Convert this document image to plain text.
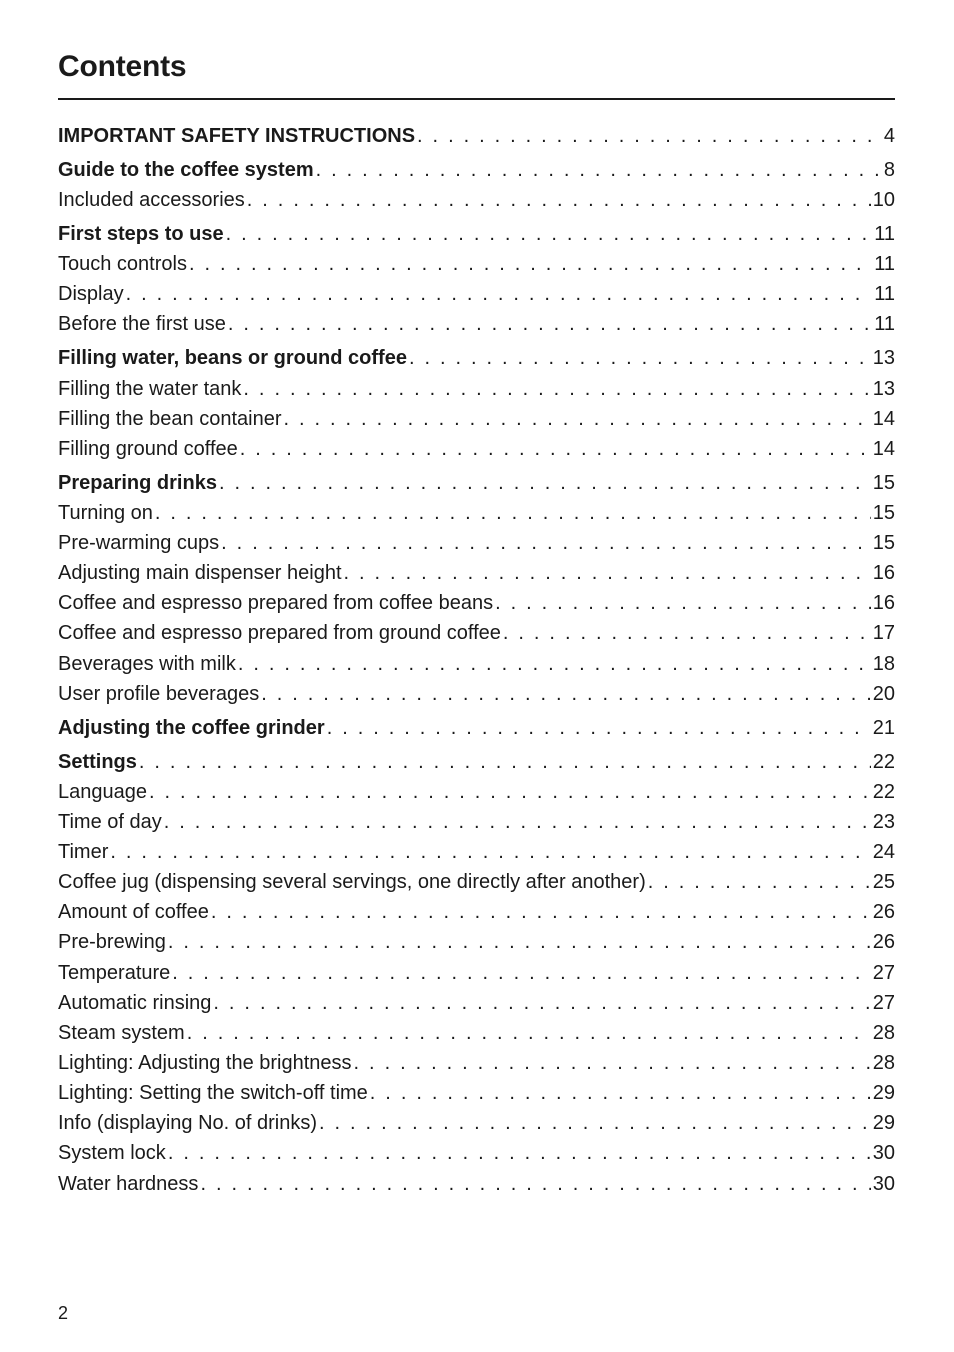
Contents
IMPORTANT SAFETY INSTRUCTIONS . . .	4
Guide to the coffee system . . .	8
Included accessories . . .	10
First steps to use . . .	11
Touch controls . . .	11
Display . . .	11
Before the first use . . .	11
Filling water, beans or ground coffee . . .	13
Filling the water tank . . .	13
Filling the bean container . . .	14
Filling ground coffee . . .	14
Preparing drinks . . .	15
Turning on . . .	15
Pre-warming cups . . .	15
Adjusting main dispenser height . . .	16
Coffee and espresso prepared from coffee beans . . .	16
Coffee and espresso prepared from ground coffee . . .	17
Beverages with milk . . .	18
User profile beverages . . .	20
Adjusting the coffee grinder . . .	21
Settings . . .	22
Language . . .	22
Time of day . . .	23
Timer . . .	24
Coffee jug (dispensing several servings, one directly after another) . . .	25
Amount of coffee . . .	26
Pre-brewing . . .	26
Temperature . . .	27
Automatic rinsing . . .	27
Steam system . . .	28
Lighting: Adjusting the brightness . . .	28
Lighting: Setting the switch-off time . . .	29
Info (displaying No. of drinks) . . .	29
System lock . . .	30
Water hardness . . .	30
2
